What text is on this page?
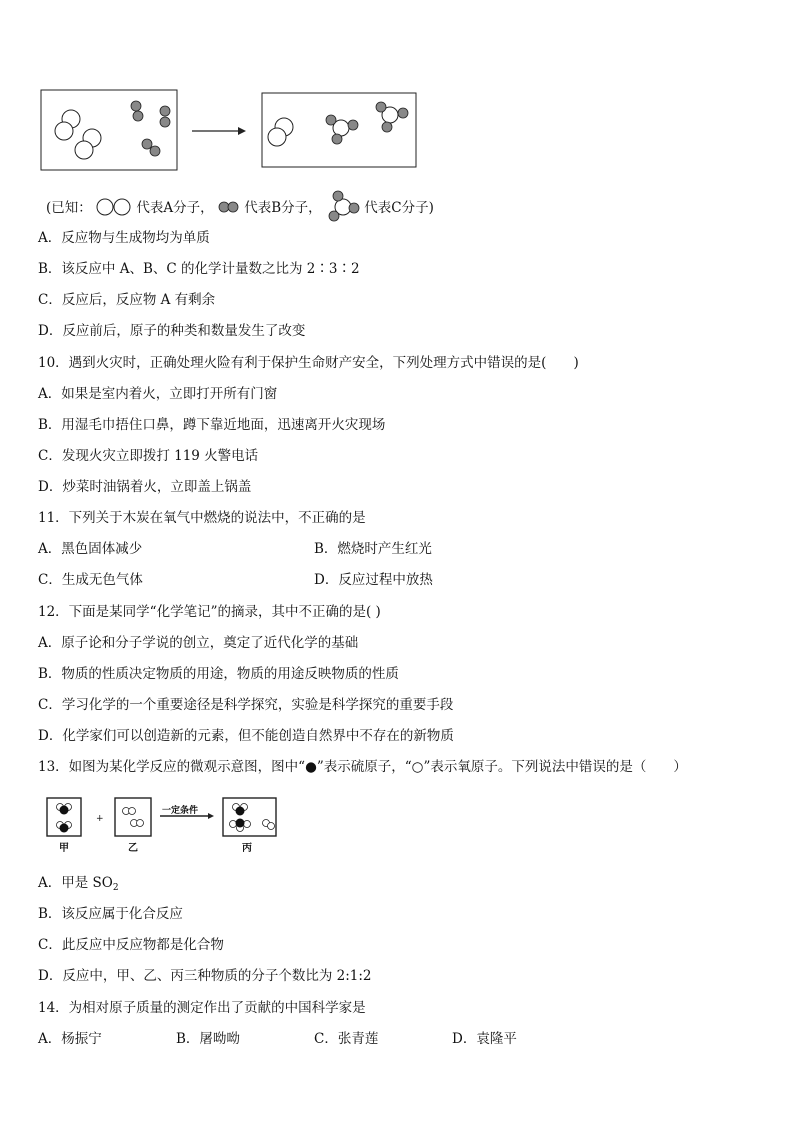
(已知：	代表A分子， 代表B分子，	代表C分子)
A．反应物与生成物均为单质
B．该反应中 A、B、C 的化学计量数之比为 2∶3∶2
C．反应后，反应物 A 有剩余
D．反应前后，原子的种类和数量发生了改变
10．遇到火灾时，正确处理火险有利于保护生命财产安全，下列处理方式中错误的是(　　)
A．如果是室内着火，立即打开所有门窗
B．用湿毛巾捂住口鼻，蹲下靠近地面，迅速离开火灾现场
C．发现火灾立即拨打 119 火警电话
D．炒菜时油锅着火，立即盖上锅盖
11．下列关于木炭在氧气中燃烧的说法中，不正确的是
A．黑色固体减少	B．燃烧时产生红光
C．生成无色气体	D．反应过程中放热
12．下面是某同学“化学笔记”的摘录，其中不正确的是( )
A．原子论和分子学说的创立，奠定了近代化学的基础
B．物质的性质决定物质的用途，物质的用途反映物质的性质
C．学习化学的一个重要途径是科学探究，实验是科学探究的重要手段
D．化学家们可以创造新的元素，但不能创造自然界中不存在的新物质
13．如图为某化学反应的微观示意图，图中“●”表示硫原子，“○”表示氧原子。下列说法中错误的是（　　）
+
一定条件
甲	乙	丙
A．甲是 $SO_2$
B．该反应属于化合反应
C．此反应中反应物都是化合物
D．反应中，甲、乙、丙三种物质的分子个数比为 2:1:2
14．为相对原子质量的测定作出了贡献的中国科学家是
A．杨振宁	B．屠呦呦	C．张青莲	D．袁隆平
